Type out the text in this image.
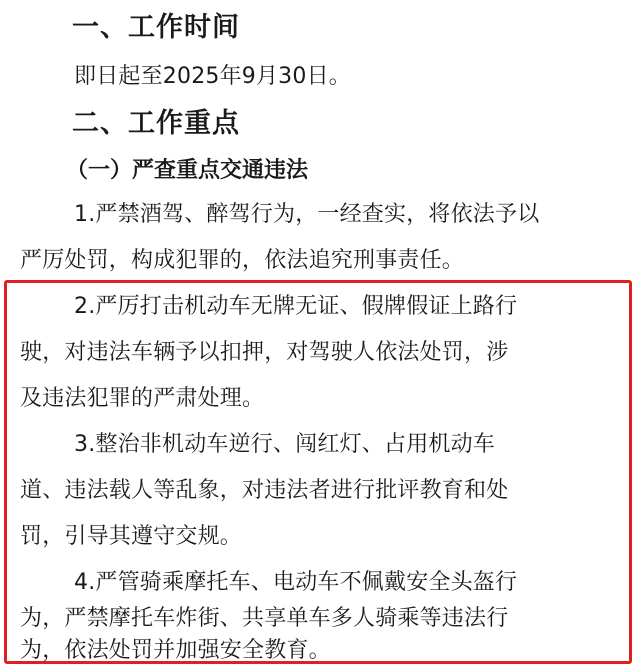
一、工作时间
即日起至2025年9月30日。
二、工作重点
（一）严查重点交通违法
1.严禁酒驾、醉驾行为，一经查实，将依法予以
严厉处罚，构成犯罪的，依法追究刑事责任。
2.严厉打击机动车无牌无证、假牌假证上路行
驶，对违法车辆予以扣押，对驾驶人依法处罚，涉
及违法犯罪的严肃处理。
3.整治非机动车逆行、闯红灯、占用机动车
道、违法载人等乱象，对违法者进行批评教育和处
罚，引导其遵守交规。
4.严管骑乘摩托车、电动车不佩戴安全头盔行
为，严禁摩托车炸街、共享单车多人骑乘等违法行
为，依法处罚并加强安全教育。
